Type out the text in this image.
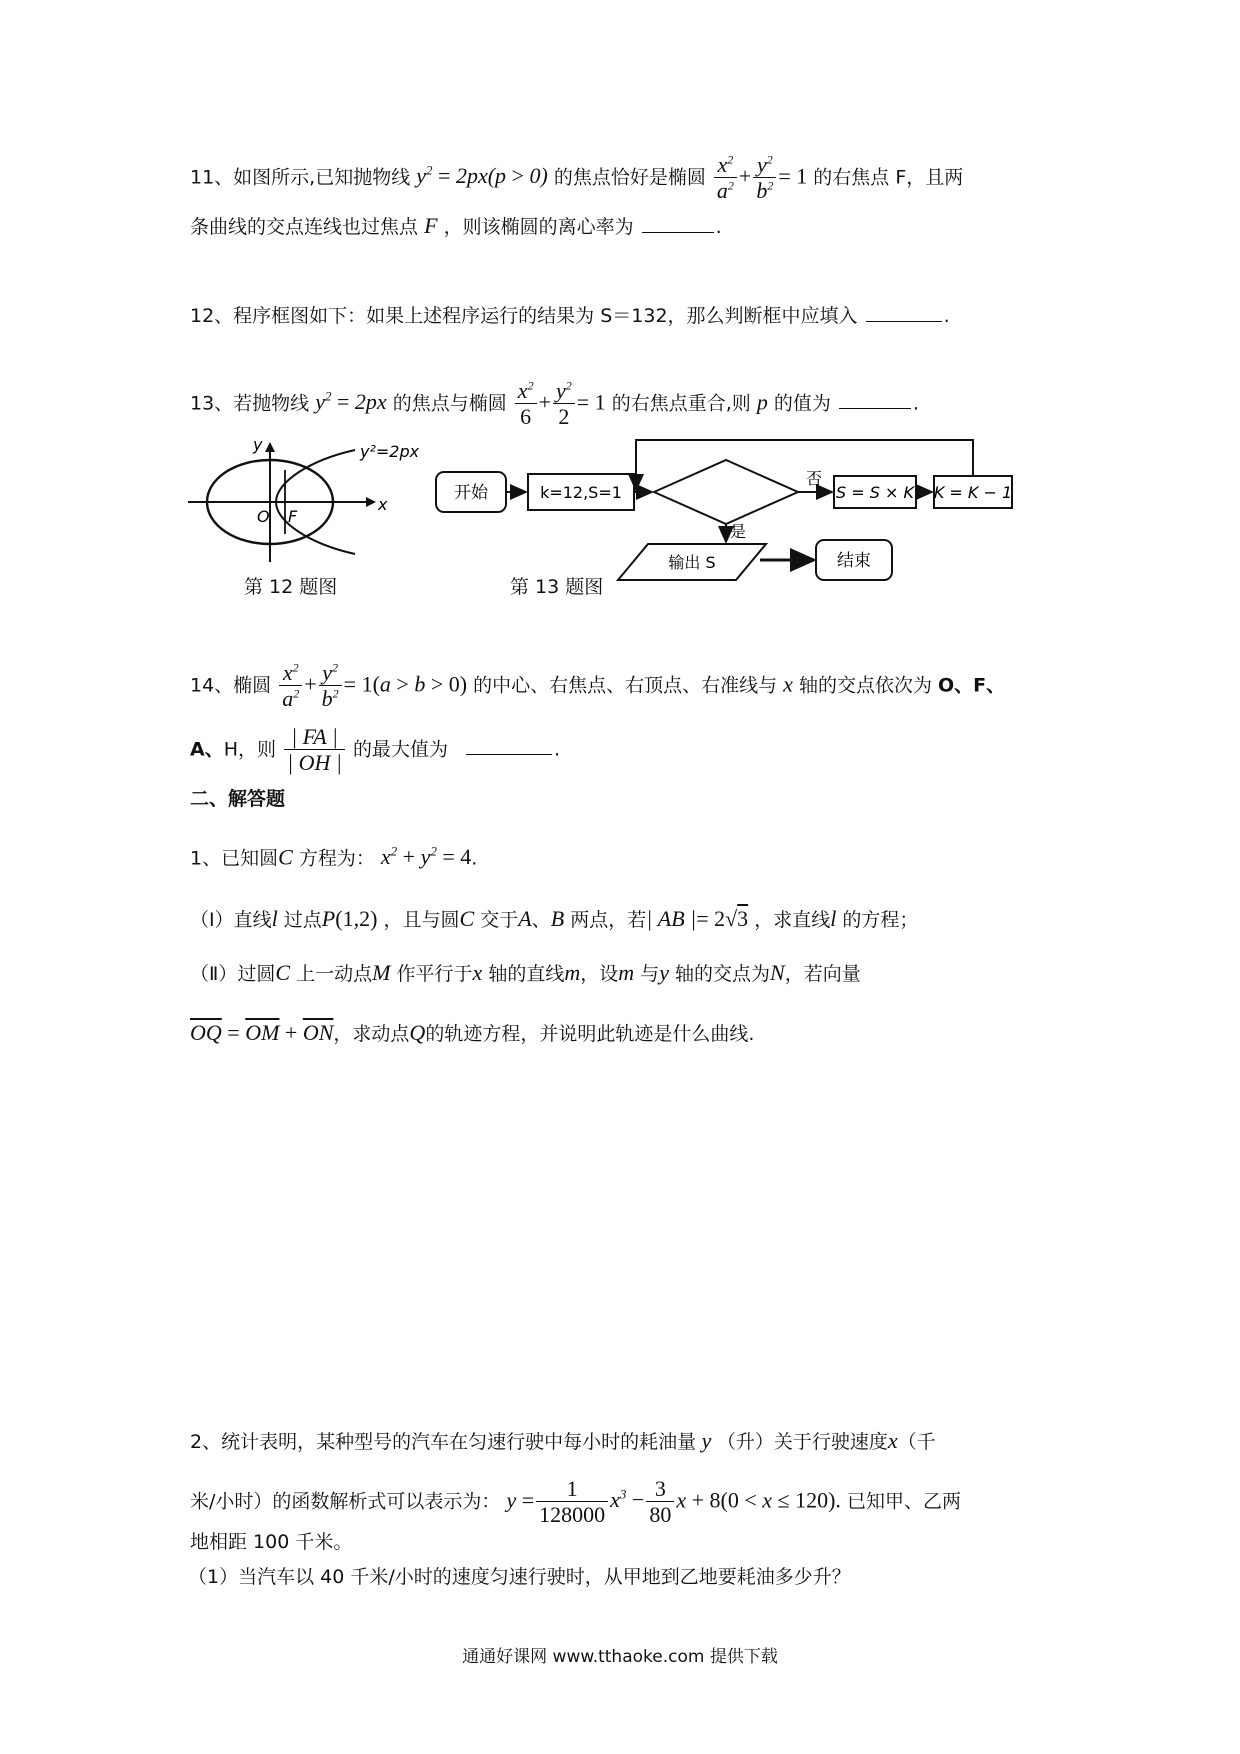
11、如图所示,已知抛物线 $y^2 = 2px(p > 0)$ 的焦点恰好是椭圆 $\frac{x^2}{a^2} + \frac{y^2}{b^2} = 1$ 的右焦点 F，且两
条曲线的交点连线也过焦点 F ，则该椭圆的离心率为	.
12、程序框图如下：如果上述程序运行的结果为 S＝132，那么判断框中应填入	.
13、若抛物线 $y^2 = 2px$ 的焦点与椭圆 $\frac{x^2}{6} + \frac{y^2}{2} = 1$ 的右焦点重合,则 p 的值为	.
y
x
y²=2px
O F
第 12 题图
开始	k=12,S=1
否
S = S × K K = K − 1
是
输出 S	结束
第 13 题图
14、椭圆 $\frac{x^2}{a^2} + \frac{y^2}{b^2} = 1(a > b > 0)$ 的中心、右焦点、右顶点、右准线与 x 轴的交点依次为 O、F、
A、H，则 $\frac{| FA |}{| OH |}$ 的最大值为	.
二、解答题
1、已知圆C 方程为： $x^2 + y^2 = 4$.
（Ⅰ）直线l 过点P(1,2) ，且与圆C 交于A、B 两点，若| AB |= 2√3 ，求直线l 的方程；
（Ⅱ）过圆C 上一动点M 作平行于x 轴的直线m，设m 与y 轴的交点为N，若向量
$\overline{OQ} = \overline{OM} + \overline{ON}$，求动点Q的轨迹方程，并说明此轨迹是什么曲线.
2、统计表明，某种型号的汽车在匀速行驶中每小时的耗油量 y （升）关于行驶速度x（千
米/小时）的函数解析式可以表示为： $y = \frac{1}{128000} x^3 - \frac{3}{80}$ x + 8(0 < x ≤ 120). 已知甲、乙两
地相距 100 千米。
（1）当汽车以 40 千米/小时的速度匀速行驶时，从甲地到乙地要耗油多少升？
通通好课网 www.tthaoke.com 提供下载
